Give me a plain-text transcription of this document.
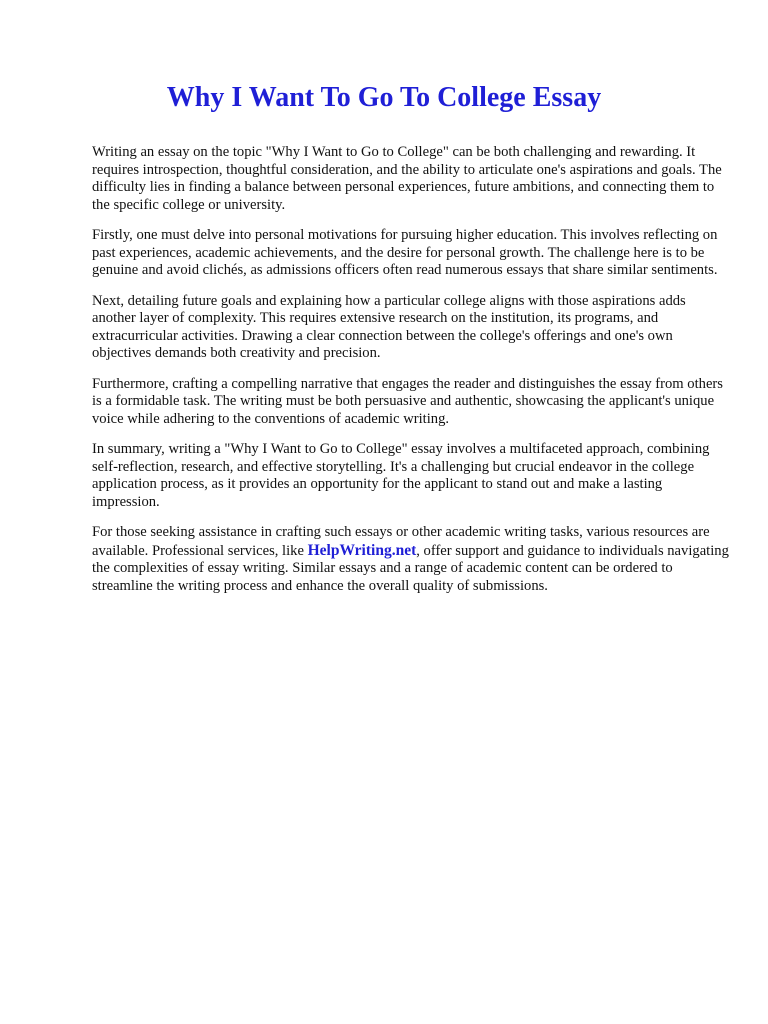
Why I Want To Go To College Essay

Writing an essay on the topic "Why I Want to Go to College" can be both challenging and rewarding. It requires introspection, thoughtful consideration, and the ability to articulate one's aspirations and goals. The difficulty lies in finding a balance between personal experiences, future ambitions, and connecting them to the specific college or university.

Firstly, one must delve into personal motivations for pursuing higher education. This involves reflecting on past experiences, academic achievements, and the desire for personal growth. The challenge here is to be genuine and avoid clichés, as admissions officers often read numerous essays that share similar sentiments.

Next, detailing future goals and explaining how a particular college aligns with those aspirations adds another layer of complexity. This requires extensive research on the institution, its programs, and extracurricular activities. Drawing a clear connection between the college's offerings and one's own objectives demands both creativity and precision.

Furthermore, crafting a compelling narrative that engages the reader and distinguishes the essay from others is a formidable task. The writing must be both persuasive and authentic, showcasing the applicant's unique voice while adhering to the conventions of academic writing.

In summary, writing a "Why I Want to Go to College" essay involves a multifaceted approach, combining self-reflection, research, and effective storytelling. It's a challenging but crucial endeavor in the college application process, as it provides an opportunity for the applicant to stand out and make a lasting impression.

For those seeking assistance in crafting such essays or other academic writing tasks, various resources are available. Professional services, like HelpWriting.net, offer support and guidance to individuals navigating the complexities of essay writing. Similar essays and a range of academic content can be ordered to streamline the writing process and enhance the overall quality of submissions.
